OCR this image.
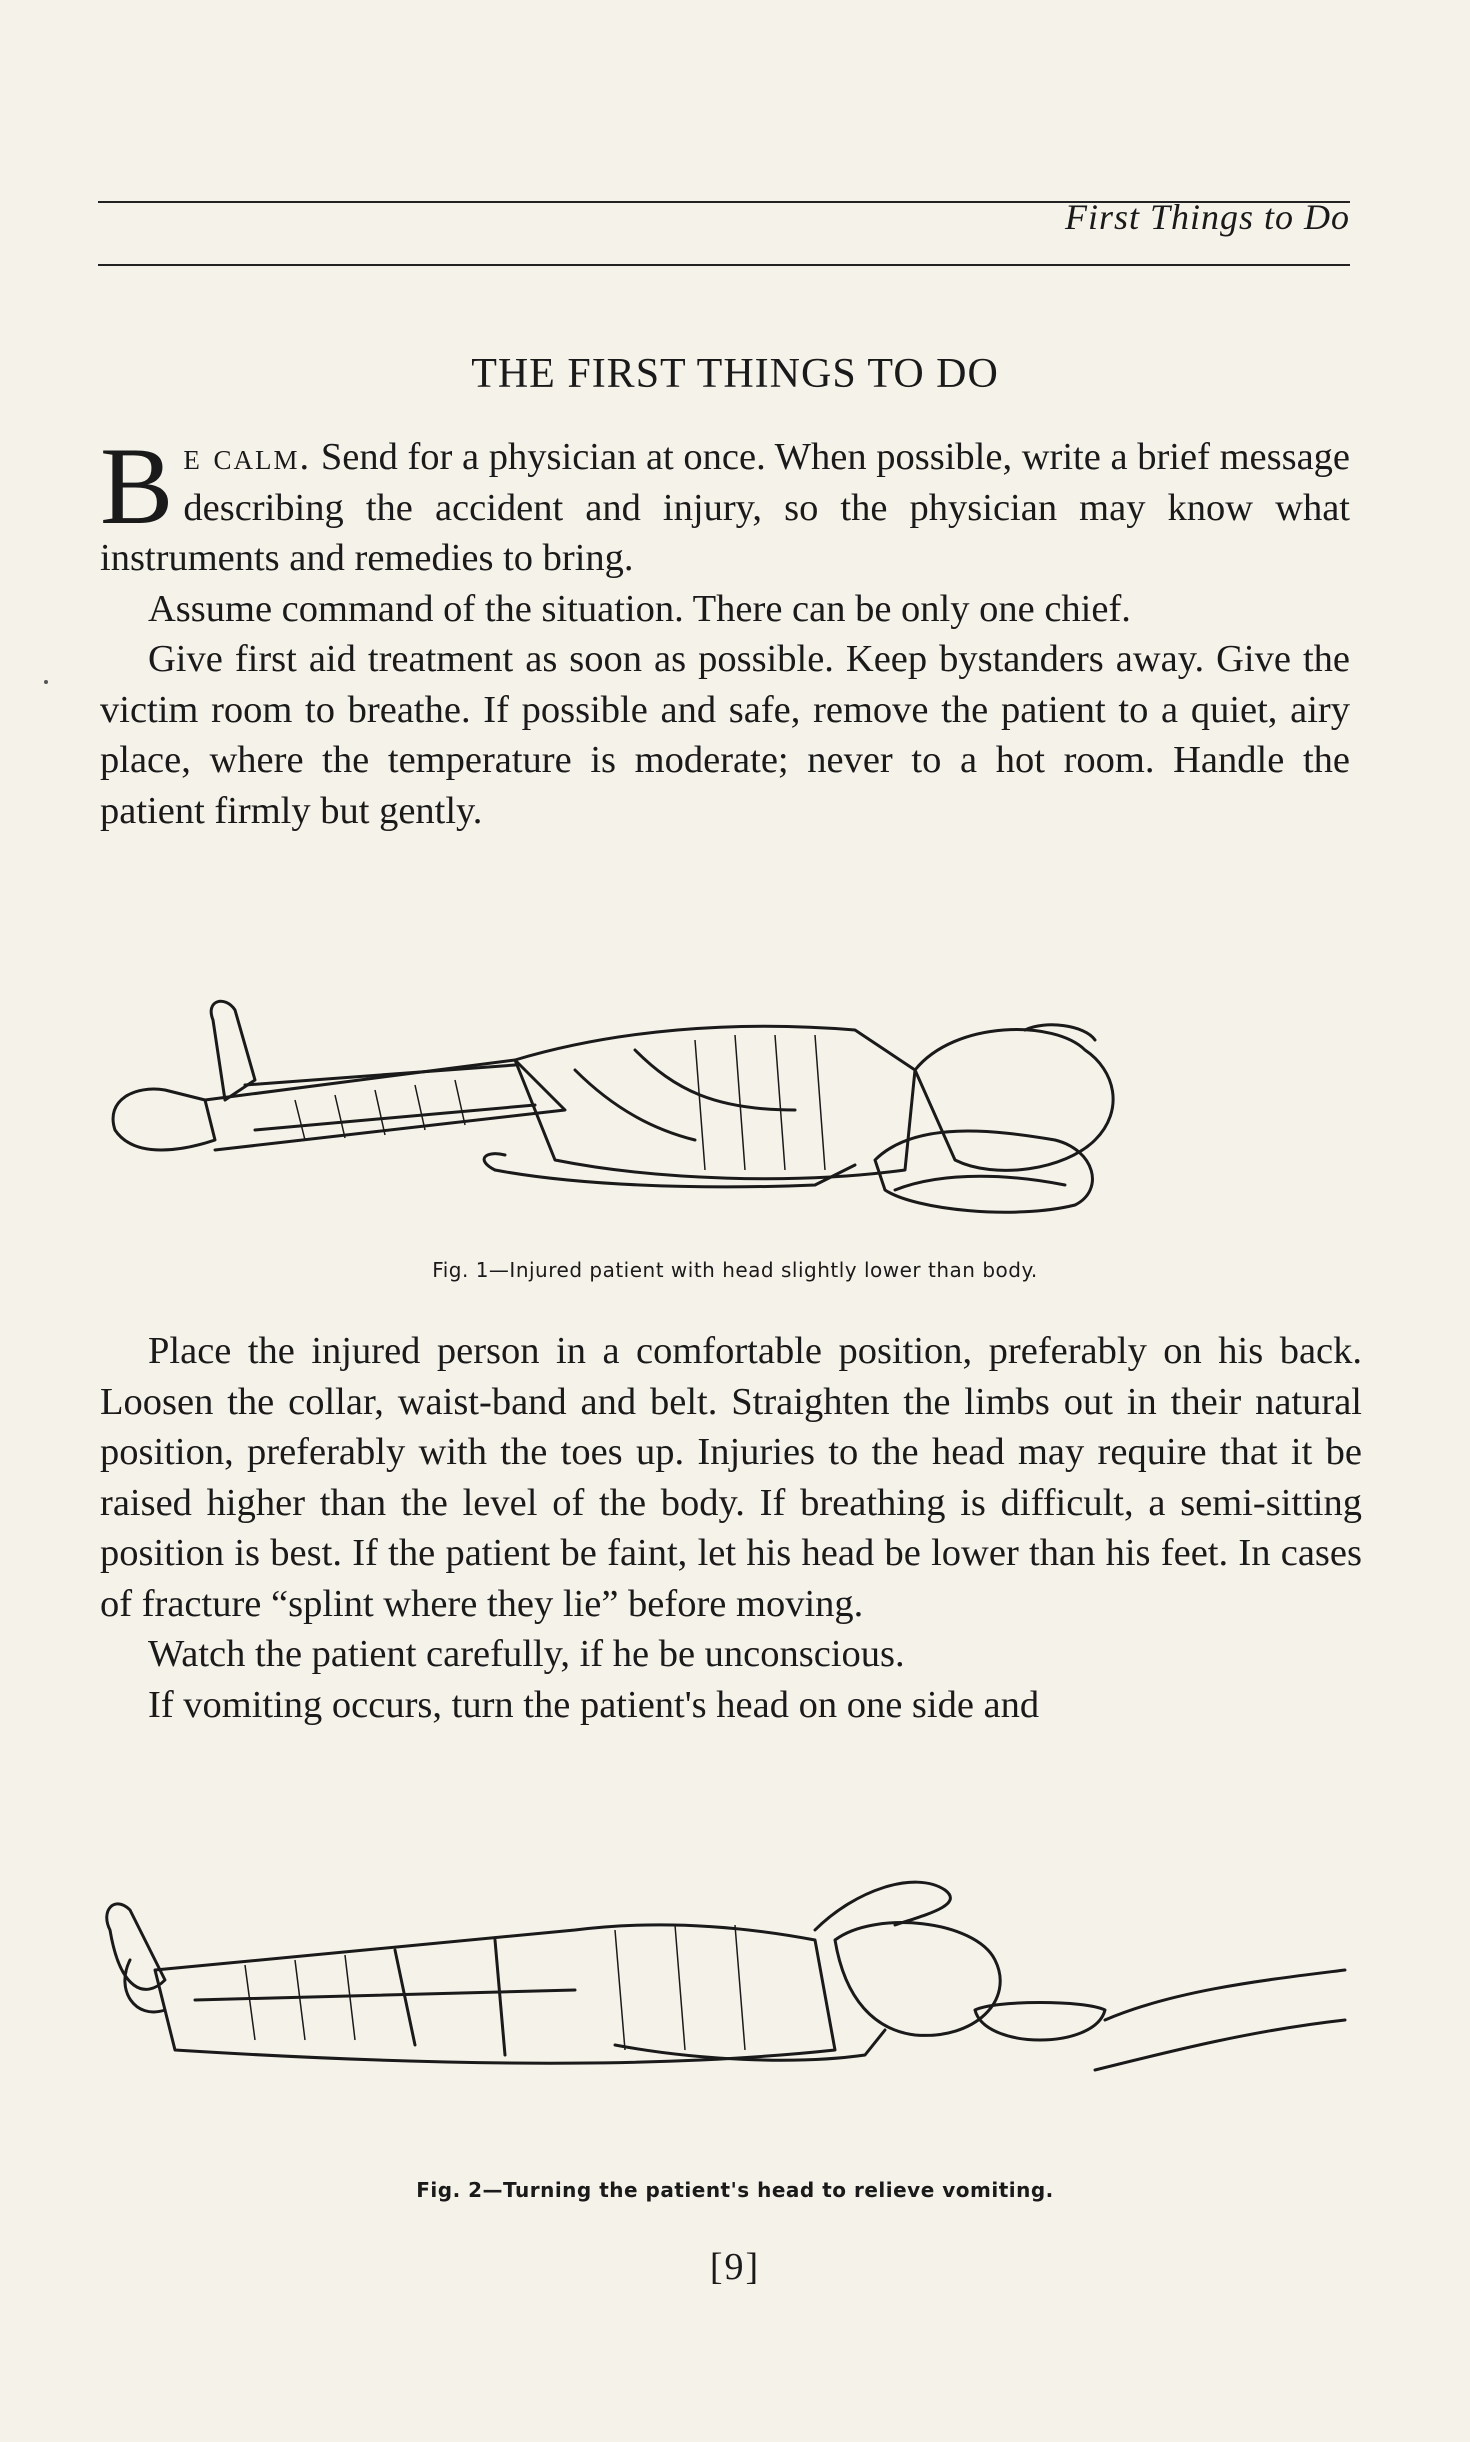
First Things to Do
THE FIRST THINGS TO DO

Be calm. Send for a physician at once. When possible, write a brief message describing the accident and injury, so the physician may know what instruments and remedies to bring.

Assume command of the situation. There can be only one chief.

Give first aid treatment as soon as possible. Keep bystanders away. Give the victim room to breathe. If possible and safe, remove the patient to a quiet, airy place, where the temperature is moderate; never to a hot room. Handle the patient firmly but gently.

Fig. 1—Injured patient with head slightly lower than body.

Place the injured person in a comfortable position, preferably on his back. Loosen the collar, waist-band and belt. Straighten the limbs out in their natural position, preferably with the toes up. Injuries to the head may require that it be raised higher than the level of the body. If breathing is difficult, a semi-sitting position is best. If the patient be faint, let his head be lower than his feet. In cases of fracture “splint where they lie” before moving.

Watch the patient carefully, if he be unconscious.

If vomiting occurs, turn the patient's head on one side and

Fig. 2—Turning the patient's head to relieve vomiting.
[9]
